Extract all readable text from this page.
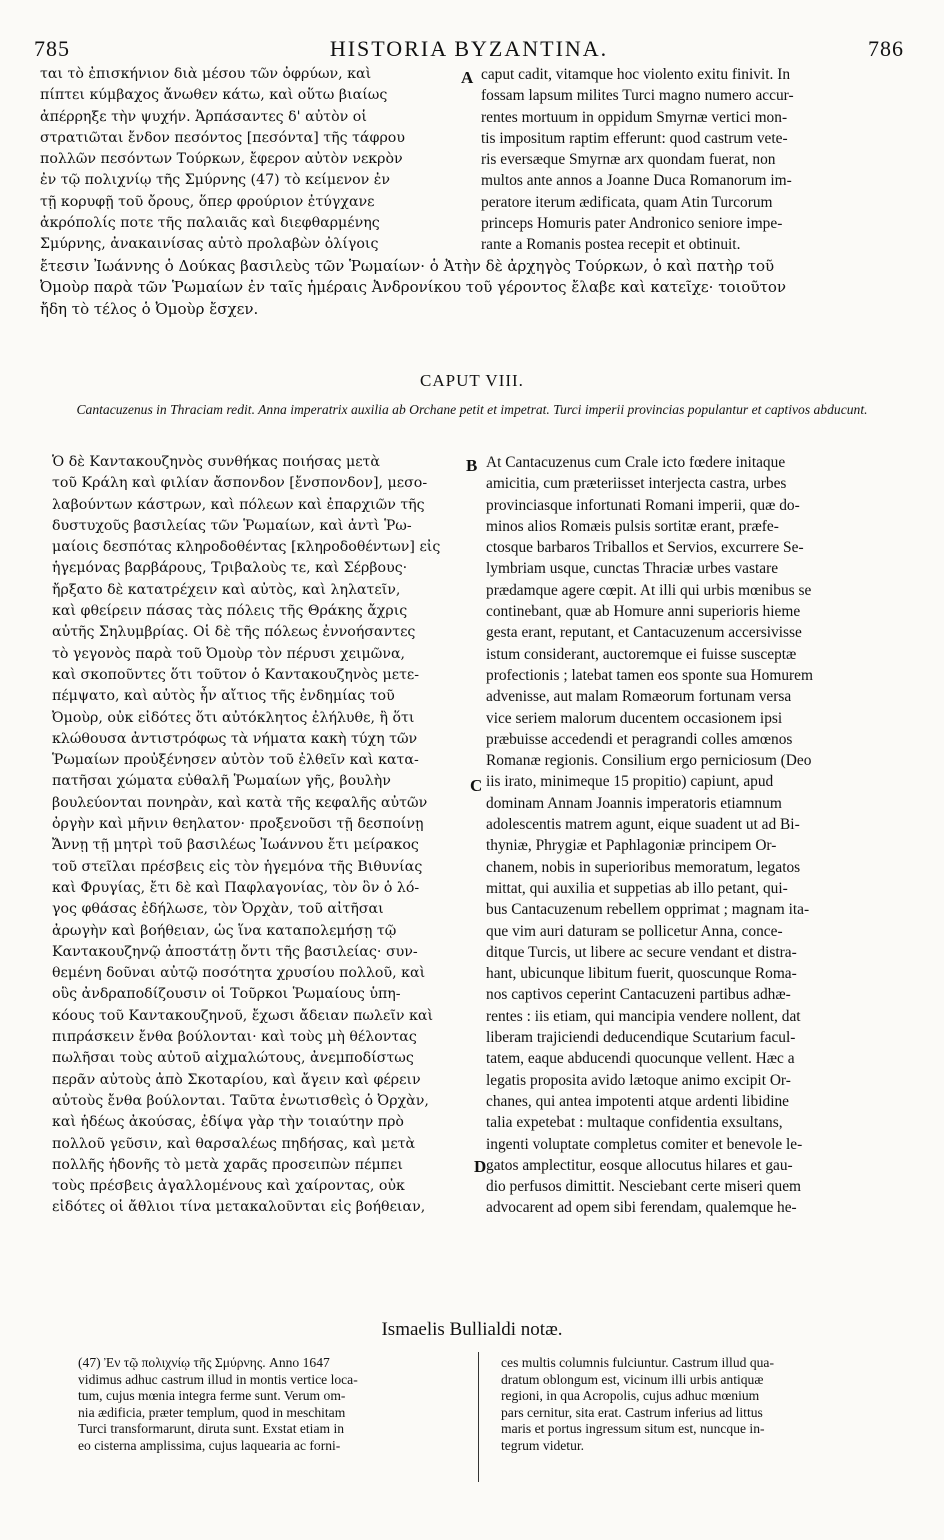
785	HISTORIA BYZANTINA.	786
ται τὸ ἐπισκήνιον διὰ μέσου τῶν ὀφρύων, καὶ
πίπτει κύμβαχος ἄνωθεν κάτω, καὶ οὕτω βιαίως
ἀπέρρηξε τὴν ψυχήν. Ἁρπάσαντες δ' αὐτὸν οἱ
στρατιῶται ἔνδον πεσόντος [πεσόντα] τῆς τάφρου
πολλῶν πεσόντων Τούρκων, ἔφερον αὐτὸν νεκρὸν
ἐν τῷ πολιχνίῳ τῆς Σμύρνης (47) τὸ κείμενον ἐν
τῇ κορυφῇ τοῦ ὄρους, ὅπερ φρούριον ἐτύγχανε
ἀκρόπολίς ποτε τῆς παλαιᾶς καὶ διεφθαρμένης
Σμύρνης, ἀνακαινίσας αὐτὸ προλαβὼν ὀλίγοις
caput cadit, vitamque hoc violento exitu finivit. In
fossam lapsum milites Turci magno numero accur-
rentes mortuum in oppidum Smyrnæ vertici mon-
tis impositum raptim efferunt: quod castrum vete-
ris eversæque Smyrnæ arx quondam fuerat, non
multos ante annos a Joanne Duca Romanorum im-
peratore iterum ædificata, quam Atin Turcorum
princeps Homuris pater Andronico seniore impe-
rante a Romanis postea recepit et obtinuit.
ἔτεσιν Ἰωάννης ὁ Δούκας βασιλεὺς τῶν Ῥωμαίων· ὁ Ἀτὴν δὲ ἀρχηγὸς Τούρκων, ὁ καὶ πατὴρ τοῦ
Ὀμοὺρ παρὰ τῶν Ῥωμαίων ἐν ταῖς ἡμέραις Ἀνδρονίκου τοῦ γέροντος ἔλαβε καὶ κατεῖχε· τοιοῦτον
ἤδη τὸ τέλος ὁ Ὀμοὺρ ἔσχεν.
A
CAPUT VIII.
Cantacuzenus in Thraciam redit. Anna imperatrix auxilia ab Orchane petit et impetrat. Turci imperii provincias populantur et captivos abducunt.
Ὁ δὲ Καντακουζηνὸς συνθήκας ποιήσας μετὰ
τοῦ Κράλη καὶ φιλίαν ἄσπονδον [ἔνσπονδον], μεσο-
λαβούντων κάστρων, καὶ πόλεων καὶ ἐπαρχιῶν τῆς
δυστυχοῦς βασιλείας τῶν Ῥωμαίων, καὶ ἀντὶ Ῥω-
μαίοις δεσπότας κληροδοθέντας [κληροδοθέντων] εἰς
ἡγεμόνας βαρβάρους, Τριβαλοὺς τε, καὶ Σέρβους·
ἤρξατο δὲ κατατρέχειν καὶ αὐτὸς, καὶ ληλατεῖν,
καὶ φθείρειν πάσας τὰς πόλεις τῆς Θράκης ἄχρις
αὐτῆς Σηλυμβρίας. Οἱ δὲ τῆς πόλεως ἐννοήσαντες
τὸ γεγονὸς παρὰ τοῦ Ὀμοὺρ τὸν πέρυσι χειμῶνα,
καὶ σκοποῦντες ὅτι τοῦτον ὁ Καντακουζηνὸς μετε-
πέμψατο, καὶ αὐτὸς ἦν αἴτιος τῆς ἐνδημίας τοῦ
Ὀμοὺρ, οὐκ εἰδότες ὅτι αὐτόκλητος ἐλήλυθε, ἢ ὅτι
κλώθουσα ἀντιστρόφως τὰ νήματα κακὴ τύχη τῶν
Ῥωμαίων προὐξένησεν αὐτὸν τοῦ ἐλθεῖν καὶ κατα-
πατῆσαι χώματα εὐθαλῆ Ῥωμαίων γῆς, βουλὴν
βουλεύονται πονηρὰν, καὶ κατὰ τῆς κεφαλῆς αὐτῶν
ὀργὴν καὶ μῆνιν θεηλατον· προξενοῦσι τῇ δεσποίνῃ
Ἄννῃ τῇ μητρὶ τοῦ βασιλέως Ἰωάννου ἔτι μείρακος
τοῦ στεῖλαι πρέσβεις εἰς τὸν ἡγεμόνα τῆς Βιθυνίας
καὶ Φρυγίας, ἔτι δὲ καὶ Παφλαγονίας, τὸν ὃν ὁ λό-
γος φθάσας ἐδήλωσε, τὸν Ὀρχὰν, τοῦ αἰτῆσαι
ἀρωγὴν καὶ βοήθειαν, ὡς ἵνα καταπολεμήσῃ τῷ
Καντακουζηνῷ ἀποστάτῃ ὄντι τῆς βασιλείας· συν-
θεμένη δοῦναι αὐτῷ ποσότητα χρυσίου πολλοῦ, καὶ
οὓς ἀνδραποδίζουσιν οἱ Τοῦρκοι Ῥωμαίους ὑπη-
κόους τοῦ Καντακουζηνοῦ, ἔχωσι ἄδειαν πωλεῖν καὶ
πιπράσκειν ἔνθα βούλονται· καὶ τοὺς μὴ θέλοντας
πωλῆσαι τοὺς αὐτοῦ αἰχμαλώτους, ἀνεμποδίστως
περᾶν αὐτοὺς ἀπὸ Σκοταρίου, καὶ ἄγειν καὶ φέρειν
αὐτοὺς ἔνθα βούλονται. Ταῦτα ἐνωτισθεὶς ὁ Ὀρχὰν,
καὶ ἡδέως ἀκούσας, ἐδίψα γὰρ τὴν τοιαύτην πρὸ
πολλοῦ γεῦσιν, καὶ θαρσαλέως πηδήσας, καὶ μετὰ
πολλῆς ἡδονῆς τὸ μετὰ χαρᾶς προσειπὼν πέμπει
τοὺς πρέσβεις ἀγαλλομένους καὶ χαίροντας, οὐκ
εἰδότες οἱ ἄθλιοι τίνα μετακαλοῦνται εἰς βοήθειαν,
At Cantacuzenus cum Crale icto fœdere initaque
amicitia, cum præteriisset interjecta castra, urbes
provinciasque infortunati Romani imperii, quæ do-
minos alios Romæis pulsis sortitæ erant, præfe-
ctosque barbaros Triballos et Servios, excurrere Se-
lymbriam usque, cunctas Thraciæ urbes vastare
prædamque agere cœpit. At illi qui urbis mœnibus se
continebant, quæ ab Homure anni superioris hieme
gesta erant, reputant, et Cantacuzenum accersivisse
istum considerant, auctoremque ei fuisse susceptæ
profectionis ; latebat tamen eos sponte sua Homurem
advenisse, aut malam Romæorum fortunam versa
vice seriem malorum ducentem occasionem ipsi
præbuisse accedendi et peragrandi colles amœnos
Romanæ regionis. Consilium ergo perniciosum (Deo
iis irato, minimeque 15 propitio) capiunt, apud
dominam Annam Joannis imperatoris etiamnum
adolescentis matrem agunt, eique suadent ut ad Bi-
thyniæ, Phrygiæ et Paphlagoniæ principem Or-
chanem, nobis in superioribus memoratum, legatos
mittat, qui auxilia et suppetias ab illo petant, qui-
bus Cantacuzenum rebellem opprimat ; magnam ita-
que vim auri daturam se pollicetur Anna, conce-
ditque Turcis, ut libere ac secure vendant et distra-
hant, ubicunque libitum fuerit, quoscunque Roma-
nos captivos ceperint Cantacuzeni partibus adhæ-
rentes : iis etiam, qui mancipia vendere nollent, dat
liberam trajiciendi deducendique Scutarium facul-
tatem, eaque abducendi quocunque vellent. Hæc a
legatis proposita avido lætoque animo excipit Or-
chanes, qui antea impotenti atque ardenti libidine
talia expetebat : multaque confidentia exsultans,
ingenti voluptate completus comiter et benevole le-
gatos amplectitur, eosque allocutus hilares et gau-
dio perfusos dimittit. Nesciebant certe miseri quem
advocarent ad opem sibi ferendam, qualemque he-
B
C
D
Ismaelis Bullialdi notæ.
(47) Ἐν τῷ πολιχνίῳ τῆς Σμύρνης. Anno 1647
vidimus adhuc castrum illud in montis vertice loca-
tum, cujus mœnia integra ferme sunt. Verum om-
nia ædificia, præter templum, quod in meschitam
Turci transformarunt, diruta sunt. Exstat etiam in
eo cisterna amplissima, cujus laquearia ac forni-
ces multis columnis fulciuntur. Castrum illud qua-
dratum oblongum est, vicinum illi urbis antiquæ
regioni, in qua Acropolis, cujus adhuc mœnium
pars cernitur, sita erat. Castrum inferius ad littus
maris et portus ingressum situm est, nuncque in-
tegrum videtur.
